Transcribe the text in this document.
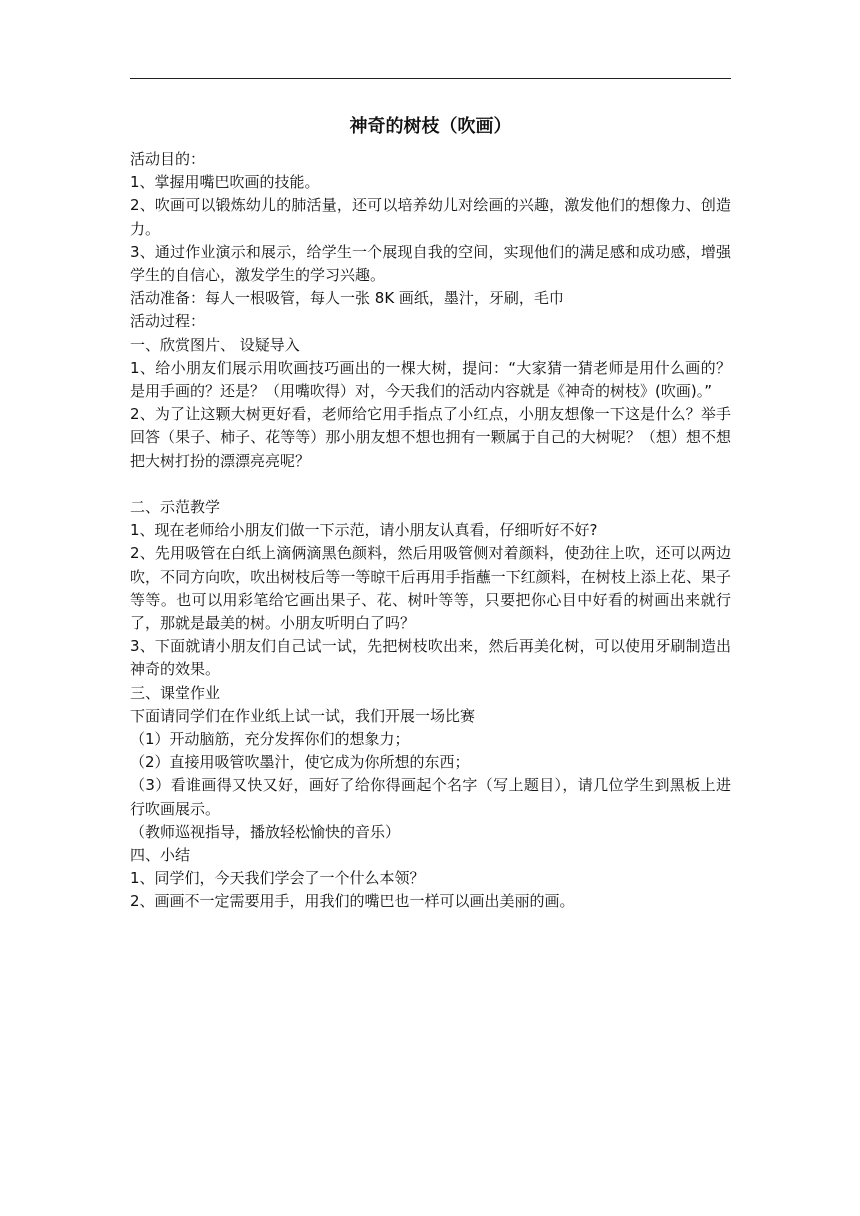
神奇的树枝（吹画）

活动目的：

1、掌握用嘴巴吹画的技能。

2、吹画可以锻炼幼儿的肺活量，还可以培养幼儿对绘画的兴趣，激发他们的想像力、创造力。

3、通过作业演示和展示，给学生一个展现自我的空间，实现他们的满足感和成功感，增强学生的自信心，激发学生的学习兴趣。

活动准备：每人一根吸管，每人一张 8K 画纸，墨汁，牙刷，毛巾

活动过程：

一、欣赏图片、 设疑导入

1、给小朋友们展示用吹画技巧画出的一棵大树，提问：“大家猜一猜老师是用什么画的？是用手画的？还是？（用嘴吹得）对，今天我们的活动内容就是《神奇的树枝》(吹画)。”

2、为了让这颗大树更好看，老师给它用手指点了小红点，小朋友想像一下这是什么？举手回答（果子、柿子、花等等）那小朋友想不想也拥有一颗属于自己的大树呢？（想）想不想把大树打扮的漂漂亮亮呢？

二、示范教学

1、现在老师给小朋友们做一下示范，请小朋友认真看，仔细听好不好?

2、先用吸管在白纸上滴俩滴黑色颜料，然后用吸管侧对着颜料，使劲往上吹，还可以两边吹，不同方向吹，吹出树枝后等一等晾干后再用手指蘸一下红颜料，在树枝上添上花、果子等等。也可以用彩笔给它画出果子、花、树叶等等，只要把你心目中好看的树画出来就行了，那就是最美的树。小朋友听明白了吗？

3、下面就请小朋友们自己试一试，先把树枝吹出来，然后再美化树，可以使用牙刷制造出神奇的效果。

三、课堂作业

下面请同学们在作业纸上试一试，我们开展一场比赛

（1）开动脑筋，充分发挥你们的想象力；

（2）直接用吸管吹墨汁，使它成为你所想的东西；

（3）看谁画得又快又好，画好了给你得画起个名字（写上题目），请几位学生到黑板上进行吹画展示。

（教师巡视指导，播放轻松愉快的音乐）

四、小结

1、同学们，今天我们学会了一个什么本领？

2、画画不一定需要用手，用我们的嘴巴也一样可以画出美丽的画。
